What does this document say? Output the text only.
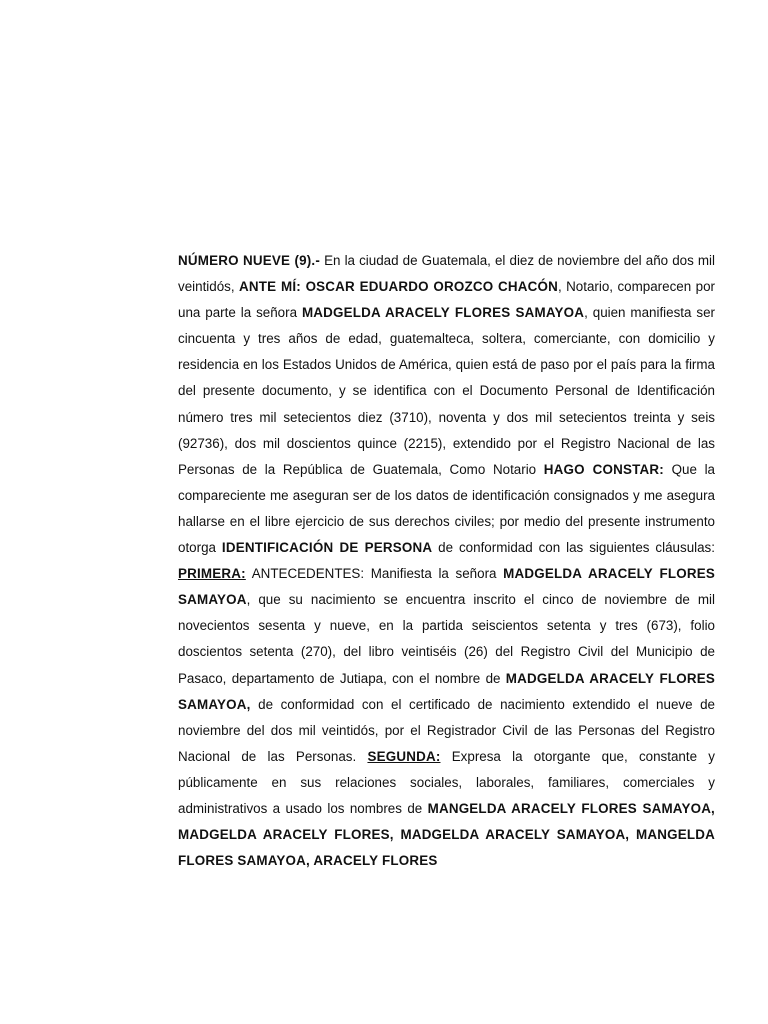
NÚMERO NUEVE (9).- En la ciudad de Guatemala, el diez de noviembre del año dos mil veintidós, ANTE MÍ: OSCAR EDUARDO OROZCO CHACÓN, Notario, comparecen por una parte la señora MADGELDA ARACELY FLORES SAMAYOA, quien manifiesta ser cincuenta y tres años de edad, guatemalteca, soltera, comerciante, con domicilio y residencia en los Estados Unidos de América, quien está de paso por el país para la firma del presente documento, y se identifica con el Documento Personal de Identificación número tres mil setecientos diez (3710), noventa y dos mil setecientos treinta y seis (92736), dos mil doscientos quince (2215), extendido por el Registro Nacional de las Personas de la República de Guatemala, Como Notario HAGO CONSTAR: Que la compareciente me aseguran ser de los datos de identificación consignados y me asegura hallarse en el libre ejercicio de sus derechos civiles; por medio del presente instrumento otorga IDENTIFICACIÓN DE PERSONA de conformidad con las siguientes cláusulas: PRIMERA: ANTECEDENTES: Manifiesta la señora MADGELDA ARACELY FLORES SAMAYOA, que su nacimiento se encuentra inscrito el cinco de noviembre de mil novecientos sesenta y nueve, en la partida seiscientos setenta y tres (673), folio doscientos setenta (270), del libro veintiséis (26) del Registro Civil del Municipio de Pasaco, departamento de Jutiapa, con el nombre de MADGELDA ARACELY FLORES SAMAYOA, de conformidad con el certificado de nacimiento extendido el nueve de noviembre del dos mil veintidós, por el Registrador Civil de las Personas del Registro Nacional de las Personas. SEGUNDA: Expresa la otorgante que, constante y públicamente en sus relaciones sociales, laborales, familiares, comerciales y administrativos a usado los nombres de MANGELDA ARACELY FLORES SAMAYOA, MADGELDA ARACELY FLORES, MADGELDA ARACELY SAMAYOA, MANGELDA FLORES SAMAYOA, ARACELY FLORES
